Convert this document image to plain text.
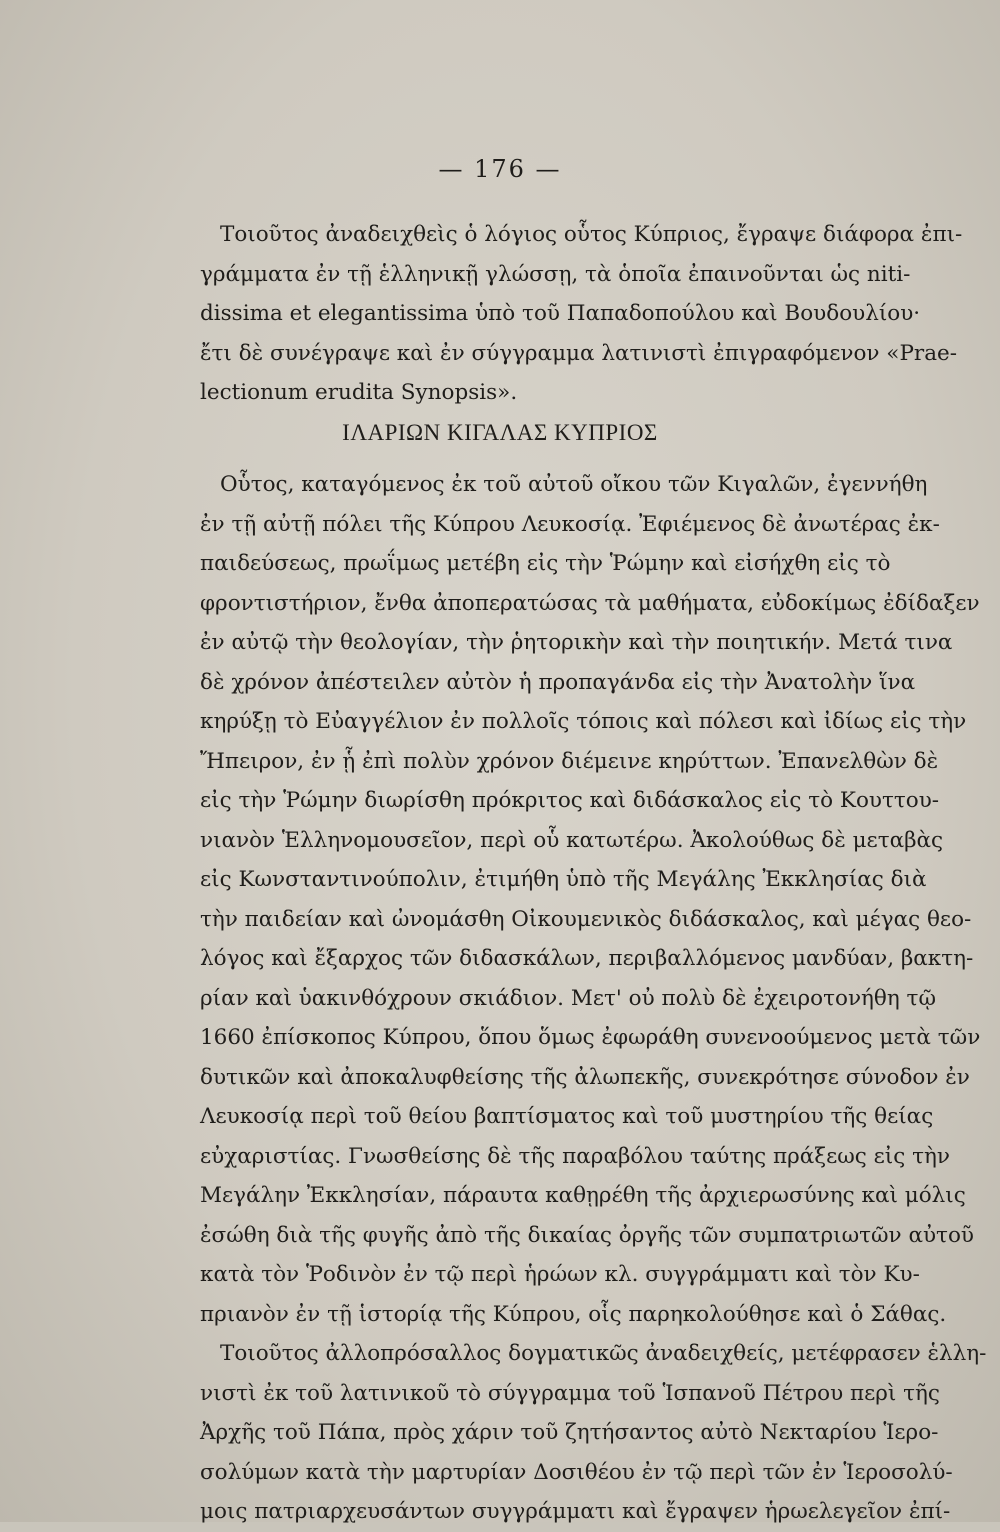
— 176 —
Τοιοῦτος ἀναδειχθεὶς ὁ λόγιος οὗτος Κύπριος, ἔγραψε διάφορα ἐπι-
γράμματα ἐν τῇ ἑλληνικῇ γλώσσῃ, τὰ ὁποῖα ἐπαινοῦνται ὡς niti-
dissima et elegantissima ὑπὸ τοῦ Παπαδοπούλου καὶ Βουδουλίου·
ἔτι δὲ συνέγραψε καὶ ἐν σύγγραμμα λατινιστὶ ἐπιγραφόμενον «Prae-
lectionum erudita Synopsis».
ΙΛΑΡΙΩΝ ΚΙΓΑΛΑΣ ΚΥΠΡΙΟΣ
Οὗτος, καταγόμενος ἐκ τοῦ αὐτοῦ οἴκου τῶν Κιγαλῶν, ἐγεννήθη
ἐν τῇ αὐτῇ πόλει τῆς Κύπρου Λευκοσίᾳ. Ἐφιέμενος δὲ ἀνωτέρας ἐκ-
παιδεύσεως, πρωΐμως μετέβη εἰς τὴν Ῥώμην καὶ εἰσήχθη εἰς τὸ
φροντιστήριον, ἔνθα ἀποπερατώσας τὰ μαθήματα, εὐδοκίμως ἐδίδαξεν
ἐν αὐτῷ τὴν θεολογίαν, τὴν ῥητορικὴν καὶ τὴν ποιητικήν. Μετά τινα
δὲ χρόνον ἀπέστειλεν αὐτὸν ἡ προπαγάνδα εἰς τὴν Ἀνατολὴν ἵνα
κηρύξῃ τὸ Εὐαγγέλιον ἐν πολλοῖς τόποις καὶ πόλεσι καὶ ἰδίως εἰς τὴν
Ἤπειρον, ἐν ᾗ ἐπὶ πολὺν χρόνον διέμεινε κηρύττων. Ἐπανελθὼν δὲ
εἰς τὴν Ῥώμην διωρίσθη πρόκριτος καὶ διδάσκαλος εἰς τὸ Κουττου-
νιανὸν Ἑλληνομουσεῖον, περὶ οὗ κατωτέρω. Ἀκολούθως δὲ μεταβὰς
εἰς Κωνσταντινούπολιν, ἐτιμήθη ὑπὸ τῆς Μεγάλης Ἐκκλησίας διὰ
τὴν παιδείαν καὶ ὠνομάσθη Οἰκουμενικὸς διδάσκαλος, καὶ μέγας θεο-
λόγος καὶ ἔξαρχος τῶν διδασκάλων, περιβαλλόμενος μανδύαν, βακτη-
ρίαν καὶ ὑακινθόχρουν σκιάδιον. Μετ' οὐ πολὺ δὲ ἐχειροτονήθη τῷ
1660 ἐπίσκοπος Κύπρου, ὅπου ὅμως ἐφωράθη συνενοούμενος μετὰ τῶν
δυτικῶν καὶ ἀποκαλυφθείσης τῆς ἀλωπεκῆς, συνεκρότησε σύνοδον ἐν
Λευκοσίᾳ περὶ τοῦ θείου βαπτίσματος καὶ τοῦ μυστηρίου τῆς θείας
εὐχαριστίας. Γνωσθείσης δὲ τῆς παραβόλου ταύτης πράξεως εἰς τὴν
Μεγάλην Ἐκκλησίαν, πάραυτα καθῃρέθη τῆς ἀρχιερωσύνης καὶ μόλις
ἐσώθη διὰ τῆς φυγῆς ἀπὸ τῆς δικαίας ὀργῆς τῶν συμπατριωτῶν αὐτοῦ
κατὰ τὸν Ῥοδινὸν ἐν τῷ περὶ ἡρώων κλ. συγγράμματι καὶ τὸν Κυ-
πριανὸν ἐν τῇ ἱστορίᾳ τῆς Κύπρου, οἷς παρηκολούθησε καὶ ὁ Σάθας.
Τοιοῦτος ἀλλοπρόσαλλος δογματικῶς ἀναδειχθείς, μετέφρασεν ἑλλη-
νιστὶ ἐκ τοῦ λατινικοῦ τὸ σύγγραμμα τοῦ Ἱσπανοῦ Πέτρου περὶ τῆς
Ἀρχῆς τοῦ Πάπα, πρὸς χάριν τοῦ ζητήσαντος αὐτὸ Νεκταρίου Ἱερο-
σολύμων κατὰ τὴν μαρτυρίαν Δοσιθέου ἐν τῷ περὶ τῶν ἐν Ἱεροσολύ-
μοις πατριαρχευσάντων συγγράμματι καὶ ἔγραψεν ἡρωελεγεῖον ἐπί-
